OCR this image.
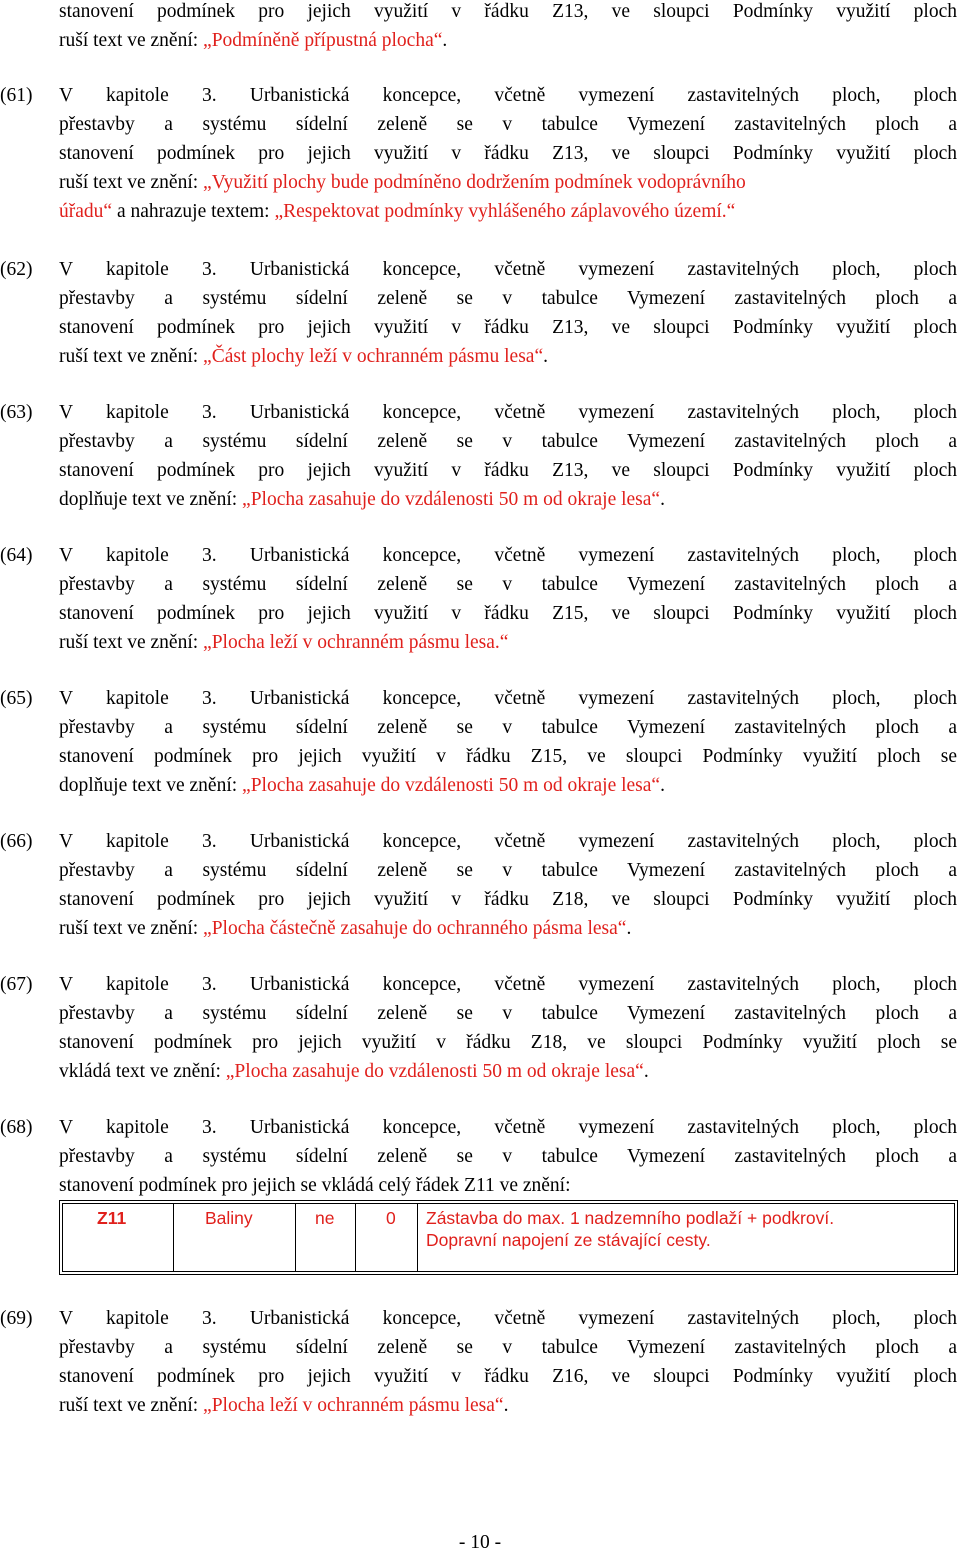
stanovení podmínek pro jejich využití v řádku Z13, ve sloupci Podmínky využití ploch
ruší text ve znění: „Podmíněně přípustná plocha“.
(61) V kapitole 3. Urbanistická koncepce, včetně vymezení zastavitelných ploch, ploch
přestavby a systému sídelní zeleně se v tabulce Vymezení zastavitelných ploch a
stanovení podmínek pro jejich využití v řádku Z13, ve sloupci Podmínky využití ploch
ruší text ve znění: „Využití plochy bude podmíněno dodržením podmínek vodoprávního
úřadu“ a nahrazuje textem: „Respektovat podmínky vyhlášeného záplavového území.“
(62) V kapitole 3. Urbanistická koncepce, včetně vymezení zastavitelných ploch, ploch
přestavby a systému sídelní zeleně se v tabulce Vymezení zastavitelných ploch a
stanovení podmínek pro jejich využití v řádku Z13, ve sloupci Podmínky využití ploch
ruší text ve znění: „Část plochy leží v ochranném pásmu lesa“.
(63) V kapitole 3. Urbanistická koncepce, včetně vymezení zastavitelných ploch, ploch
přestavby a systému sídelní zeleně se v tabulce Vymezení zastavitelných ploch a
stanovení podmínek pro jejich využití v řádku Z13, ve sloupci Podmínky využití ploch
doplňuje text ve znění: „Plocha zasahuje do vzdálenosti 50 m od okraje lesa“.
(64) V kapitole 3. Urbanistická koncepce, včetně vymezení zastavitelných ploch, ploch
přestavby a systému sídelní zeleně se v tabulce Vymezení zastavitelných ploch a
stanovení podmínek pro jejich využití v řádku Z15, ve sloupci Podmínky využití ploch
ruší text ve znění: „Plocha leží v ochranném pásmu lesa.“
(65) V kapitole 3. Urbanistická koncepce, včetně vymezení zastavitelných ploch, ploch
přestavby a systému sídelní zeleně se v tabulce Vymezení zastavitelných ploch a
stanovení podmínek pro jejich využití v řádku Z15, ve sloupci Podmínky využití ploch se
doplňuje text ve znění: „Plocha zasahuje do vzdálenosti 50 m od okraje lesa“.
(66) V kapitole 3. Urbanistická koncepce, včetně vymezení zastavitelných ploch, ploch
přestavby a systému sídelní zeleně se v tabulce Vymezení zastavitelných ploch a
stanovení podmínek pro jejich využití v řádku Z18, ve sloupci Podmínky využití ploch
ruší text ve znění: „Plocha částečně zasahuje do ochranného pásma lesa“.
(67) V kapitole 3. Urbanistická koncepce, včetně vymezení zastavitelných ploch, ploch
přestavby a systému sídelní zeleně se v tabulce Vymezení zastavitelných ploch a
stanovení podmínek pro jejich využití v řádku Z18, ve sloupci Podmínky využití ploch se
vkládá text ve znění: „Plocha zasahuje do vzdálenosti 50 m od okraje lesa“.
(68) V kapitole 3. Urbanistická koncepce, včetně vymezení zastavitelných ploch, ploch
přestavby a systému sídelní zeleně se v tabulce Vymezení zastavitelných ploch a
stanovení podmínek pro jejich se vkládá celý řádek Z11 ve znění:
Z11	Baliny	ne	0 Zástavba do max. 1 nadzemního podlaží + podkroví.
Dopravní napojení ze stávající cesty.
(69) V kapitole 3. Urbanistická koncepce, včetně vymezení zastavitelných ploch, ploch
přestavby a systému sídelní zeleně se v tabulce Vymezení zastavitelných ploch a
stanovení podmínek pro jejich využití v řádku Z16, ve sloupci Podmínky využití ploch
ruší text ve znění: „Plocha leží v ochranném pásmu lesa“.
- 10 -
